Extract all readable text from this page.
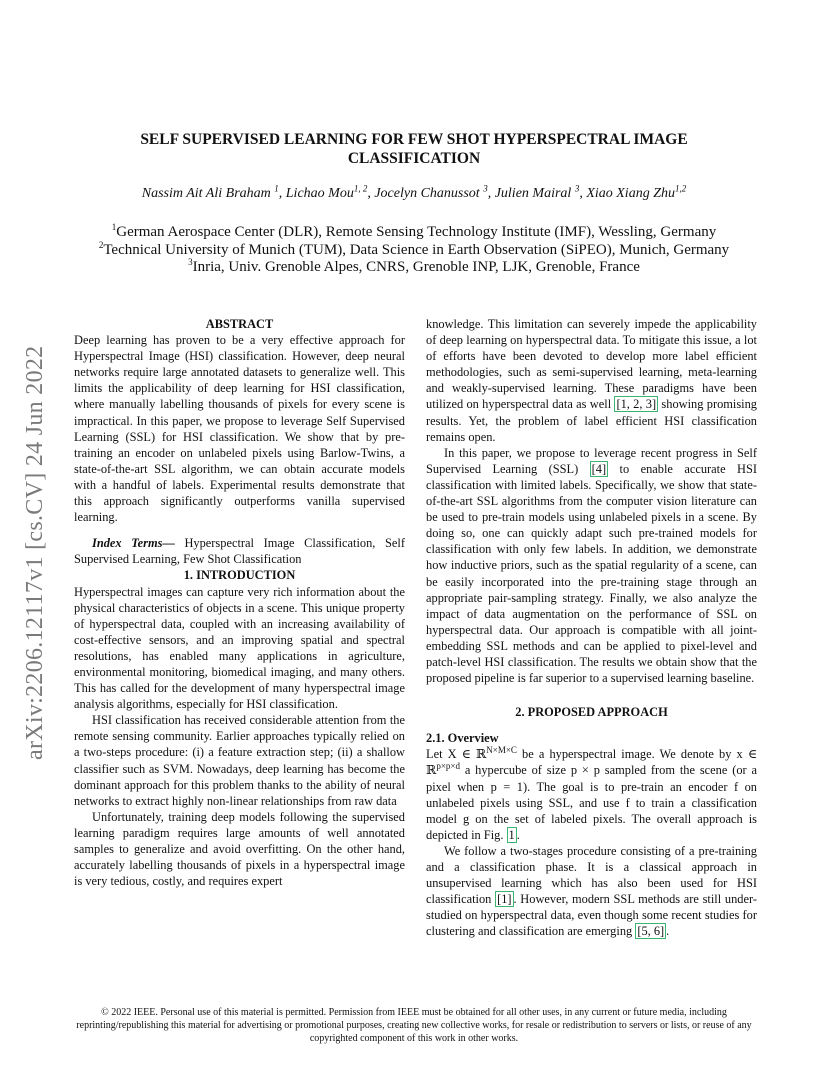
arXiv:2206.12117v1 [cs.CV] 24 Jun 2022
SELF SUPERVISED LEARNING FOR FEW SHOT HYPERSPECTRAL IMAGE CLASSIFICATION
Nassim Ait Ali Braham $^1$, Lichao Mou$^{1, 2}$, Jocelyn Chanussot $^3$, Julien Mairal $^3$, Xiao Xiang Zhu$^{1,2}$
$^1$German Aerospace Center (DLR), Remote Sensing Technology Institute (IMF), Wessling, Germany
$^2$Technical University of Munich (TUM), Data Science in Earth Observation (SiPEO), Munich, Germany
$^3$Inria, Univ. Grenoble Alpes, CNRS, Grenoble INP, LJK, Grenoble, France

ABSTRACT

Deep learning has proven to be a very effective approach for Hyperspectral Image (HSI) classification. However, deep neural networks require large annotated datasets to generalize well. This limits the applicability of deep learning for HSI classification, where manually labelling thousands of pixels for every scene is impractical. In this paper, we propose to leverage Self Supervised Learning (SSL) for HSI classification. We show that by pre-training an encoder on unlabeled pixels using Barlow-Twins, a state-of-the-art SSL algorithm, we can obtain accurate models with a handful of labels. Experimental results demonstrate that this approach significantly outperforms vanilla supervised learning.

Index Terms— Hyperspectral Image Classification, Self Supervised Learning, Few Shot Classification

1. INTRODUCTION

Hyperspectral images can capture very rich information about the physical characteristics of objects in a scene. This unique property of hyperspectral data, coupled with an increasing availability of cost-effective sensors, and an improving spatial and spectral resolutions, has enabled many applications in agriculture, environmental monitoring, biomedical imaging, and many others. This has called for the development of many hyperspectral image analysis algorithms, especially for HSI classification.

HSI classification has received considerable attention from the remote sensing community. Earlier approaches typically relied on a two-steps procedure: (i) a feature extraction step; (ii) a shallow classifier such as SVM. Nowadays, deep learning has become the dominant approach for this problem thanks to the ability of neural networks to extract highly non-linear relationships from raw data

Unfortunately, training deep models following the supervised learning paradigm requires large amounts of well annotated samples to generalize and avoid overfitting. On the other hand, accurately labelling thousands of pixels in a hyperspectral image is very tedious, costly, and requires expert

knowledge. This limitation can severely impede the applicability of deep learning on hyperspectral data. To mitigate this issue, a lot of efforts have been devoted to develop more label efficient methodologies, such as semi-supervised learning, meta-learning and weakly-supervised learning. These paradigms have been utilized on hyperspectral data as well [1, 2, 3] showing promising results. Yet, the problem of label efficient HSI classification remains open.

In this paper, we propose to leverage recent progress in Self Supervised Learning (SSL) [4] to enable accurate HSI classification with limited labels. Specifically, we show that state-of-the-art SSL algorithms from the computer vision literature can be used to pre-train models using unlabeled pixels in a scene. By doing so, one can quickly adapt such pre-trained models for classification with only few labels. In addition, we demonstrate how inductive priors, such as the spatial regularity of a scene, can be easily incorporated into the pre-training stage through an appropriate pair-sampling strategy. Finally, we also analyze the impact of data augmentation on the performance of SSL on hyperspectral data. Our approach is compatible with all joint-embedding SSL methods and can be applied to pixel-level and patch-level HSI classification. The results we obtain show that the proposed pipeline is far superior to a supervised learning baseline.

2. PROPOSED APPROACH

2.1. Overview

Let X ∈ ℝ$^{N\times M\times C}$ be a hyperspectral image. We denote by x ∈ ℝ$^{p\times p\times d}$ a hypercube of size p × p sampled from the scene (or a pixel when p = 1). The goal is to pre-train an encoder f on unlabeled pixels using SSL, and use f to train a classification model g on the set of labeled pixels. The overall approach is depicted in Fig. 1 .

We follow a two-stages procedure consisting of a pre-training and a classification phase. It is a classical approach in unsupervised learning which has also been used for HSI classification [1] . However, modern SSL methods are still under-studied on hyperspectral data, even though some recent studies for clustering and classification are emerging [5, 6] .

© 2022 IEEE. Personal use of this material is permitted. Permission from IEEE must be obtained for all other uses, in any current or future media, including reprinting/republishing this material for advertising or promotional purposes, creating new collective works, for resale or redistribution to servers or lists, or reuse of any copyrighted component of this work in other works.
